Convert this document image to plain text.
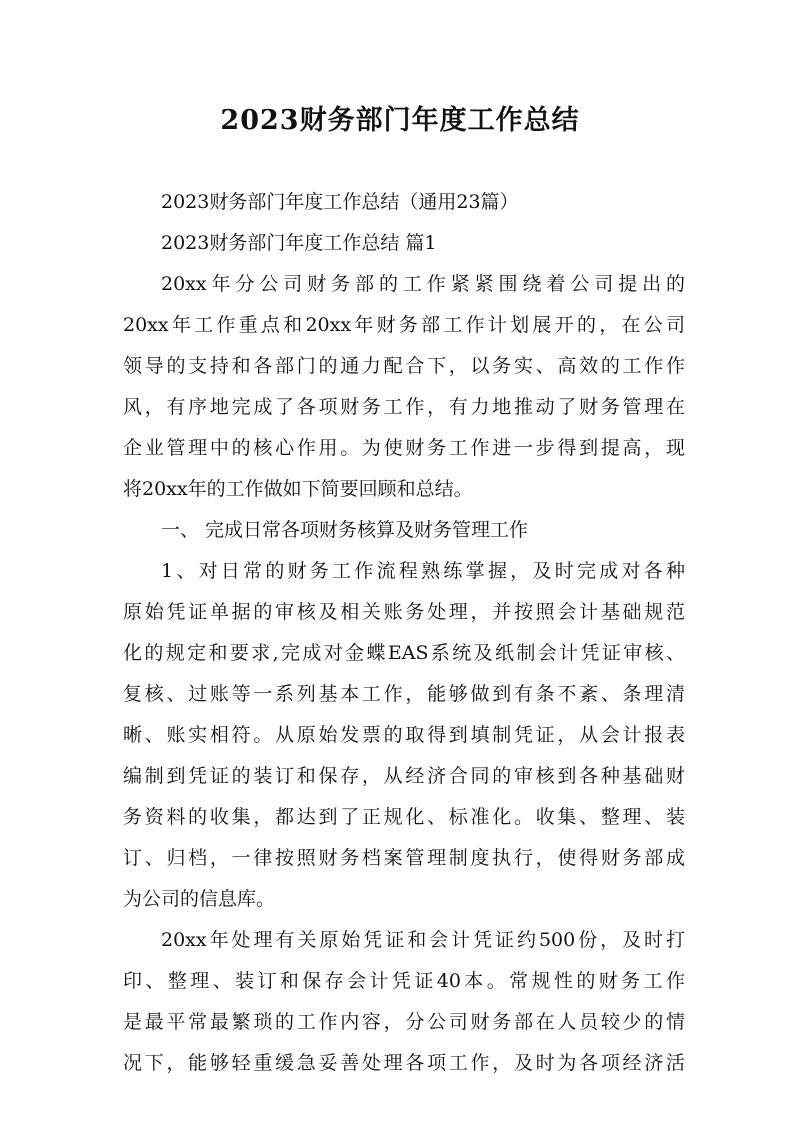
2023财务部门年度工作总结
2023财务部门年度工作总结（通用23篇）
2023财务部门年度工作总结 篇1
20xx年分公司财务部的工作紧紧围绕着公司提出的
20xx年工作重点和20xx年财务部工作计划展开的，在公司
领导的支持和各部门的通力配合下，以务实、高效的工作作
风，有序地完成了各项财务工作，有力地推动了财务管理在
企业管理中的核心作用。为使财务工作进一步得到提高，现
将20xx年的工作做如下简要回顾和总结。
一、 完成日常各项财务核算及财务管理工作
1、对日常的财务工作流程熟练掌握，及时完成对各种
原始凭证单据的审核及相关账务处理，并按照会计基础规范
化的规定和要求,完成对金蝶EAS系统及纸制会计凭证审核、
复核、过账等一系列基本工作，能够做到有条不紊、条理清
晰、账实相符。从原始发票的取得到填制凭证，从会计报表
编制到凭证的装订和保存，从经济合同的审核到各种基础财
务资料的收集，都达到了正规化、标准化。收集、整理、装
订、归档，一律按照财务档案管理制度执行，使得财务部成
为公司的信息库。
20xx年处理有关原始凭证和会计凭证约500份，及时打
印、整理、装订和保存会计凭证40本。常规性的财务工作
是最平常最繁琐的工作内容，分公司财务部在人员较少的情
况下，能够轻重缓急妥善处理各项工作，及时为各项经济活
